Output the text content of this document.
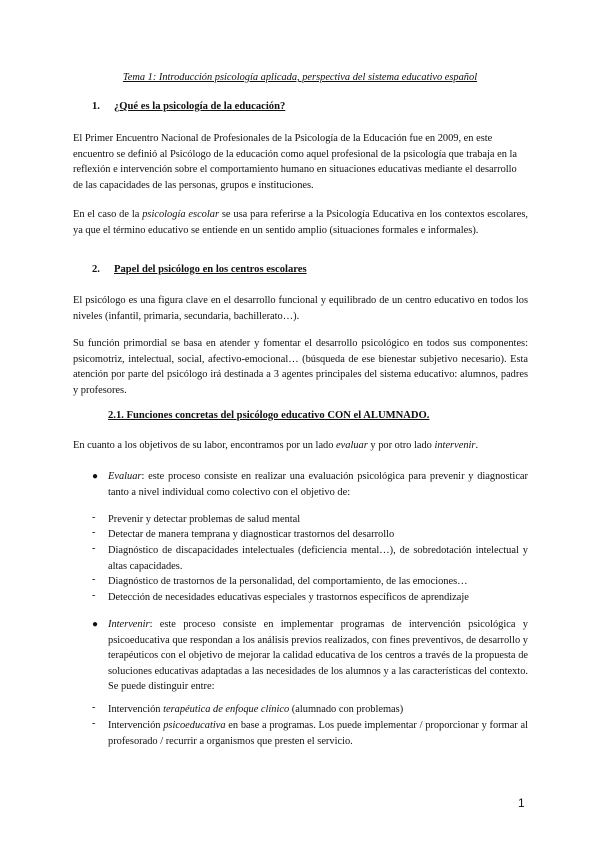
Tema 1: Introducción psicología aplicada, perspectiva del sistema educativo español
1. ¿Qué es la psicología de la educación?

El Primer Encuentro Nacional de Profesionales de la Psicología de la Educación fue en 2009, en este encuentro se definió al Psicólogo de la educación como aquel profesional de la psicología que trabaja en la reflexión e intervención sobre el comportamiento humano en situaciones educativas mediante el desarrollo de las capacidades de las personas, grupos e instituciones.

En el caso de la psicología escolar se usa para referirse a la Psicología Educativa en los contextos escolares, ya que el término educativo se entiende en un sentido amplio (situaciones formales e informales).

2. Papel del psicólogo en los centros escolares

El psicólogo es una figura clave en el desarrollo funcional y equilibrado de un centro educativo en todos los niveles (infantil, primaria, secundaria, bachillerato…).

Su función primordial se basa en atender y fomentar el desarrollo psicológico en todos sus componentes: psicomotriz, intelectual, social, afectivo-emocional… (búsqueda de ese bienestar subjetivo necesario). Esta atención por parte del psicólogo irá destinada a 3 agentes principales del sistema educativo: alumnos, padres y profesores.

2.1. Funciones concretas del psicólogo educativo CON el ALUMNADO.

En cuanto a los objetivos de su labor, encontramos por un lado evaluar y por otro lado intervenir.

● Evaluar: este proceso consiste en realizar una evaluación psicológica para prevenir y diagnosticar tanto a nivel individual como colectivo con el objetivo de:

- Prevenir y detectar problemas de salud mental

- Detectar de manera temprana y diagnosticar trastornos del desarrollo

- Diagnóstico de discapacidades intelectuales (deficiencia mental…), de sobredotación intelectual y altas capacidades.

- Diagnóstico de trastornos de la personalidad, del comportamiento, de las emociones…

- Detección de necesidades educativas especiales y trastornos específicos de aprendizaje

● Intervenir: este proceso consiste en implementar programas de intervención psicológica y psicoeducativa que respondan a los análisis previos realizados, con fines preventivos, de desarrollo y terapéuticos con el objetivo de mejorar la calidad educativa de los centros a través de la propuesta de soluciones educativas adaptadas a las necesidades de los alumnos y a las características del contexto. Se puede distinguir entre:

- Intervención terapéutica de enfoque clínico (alumnado con problemas)

- Intervención psicoeducativa en base a programas. Los puede implementar / proporcionar y formar al profesorado / recurrir a organismos que presten el servicio.

1
